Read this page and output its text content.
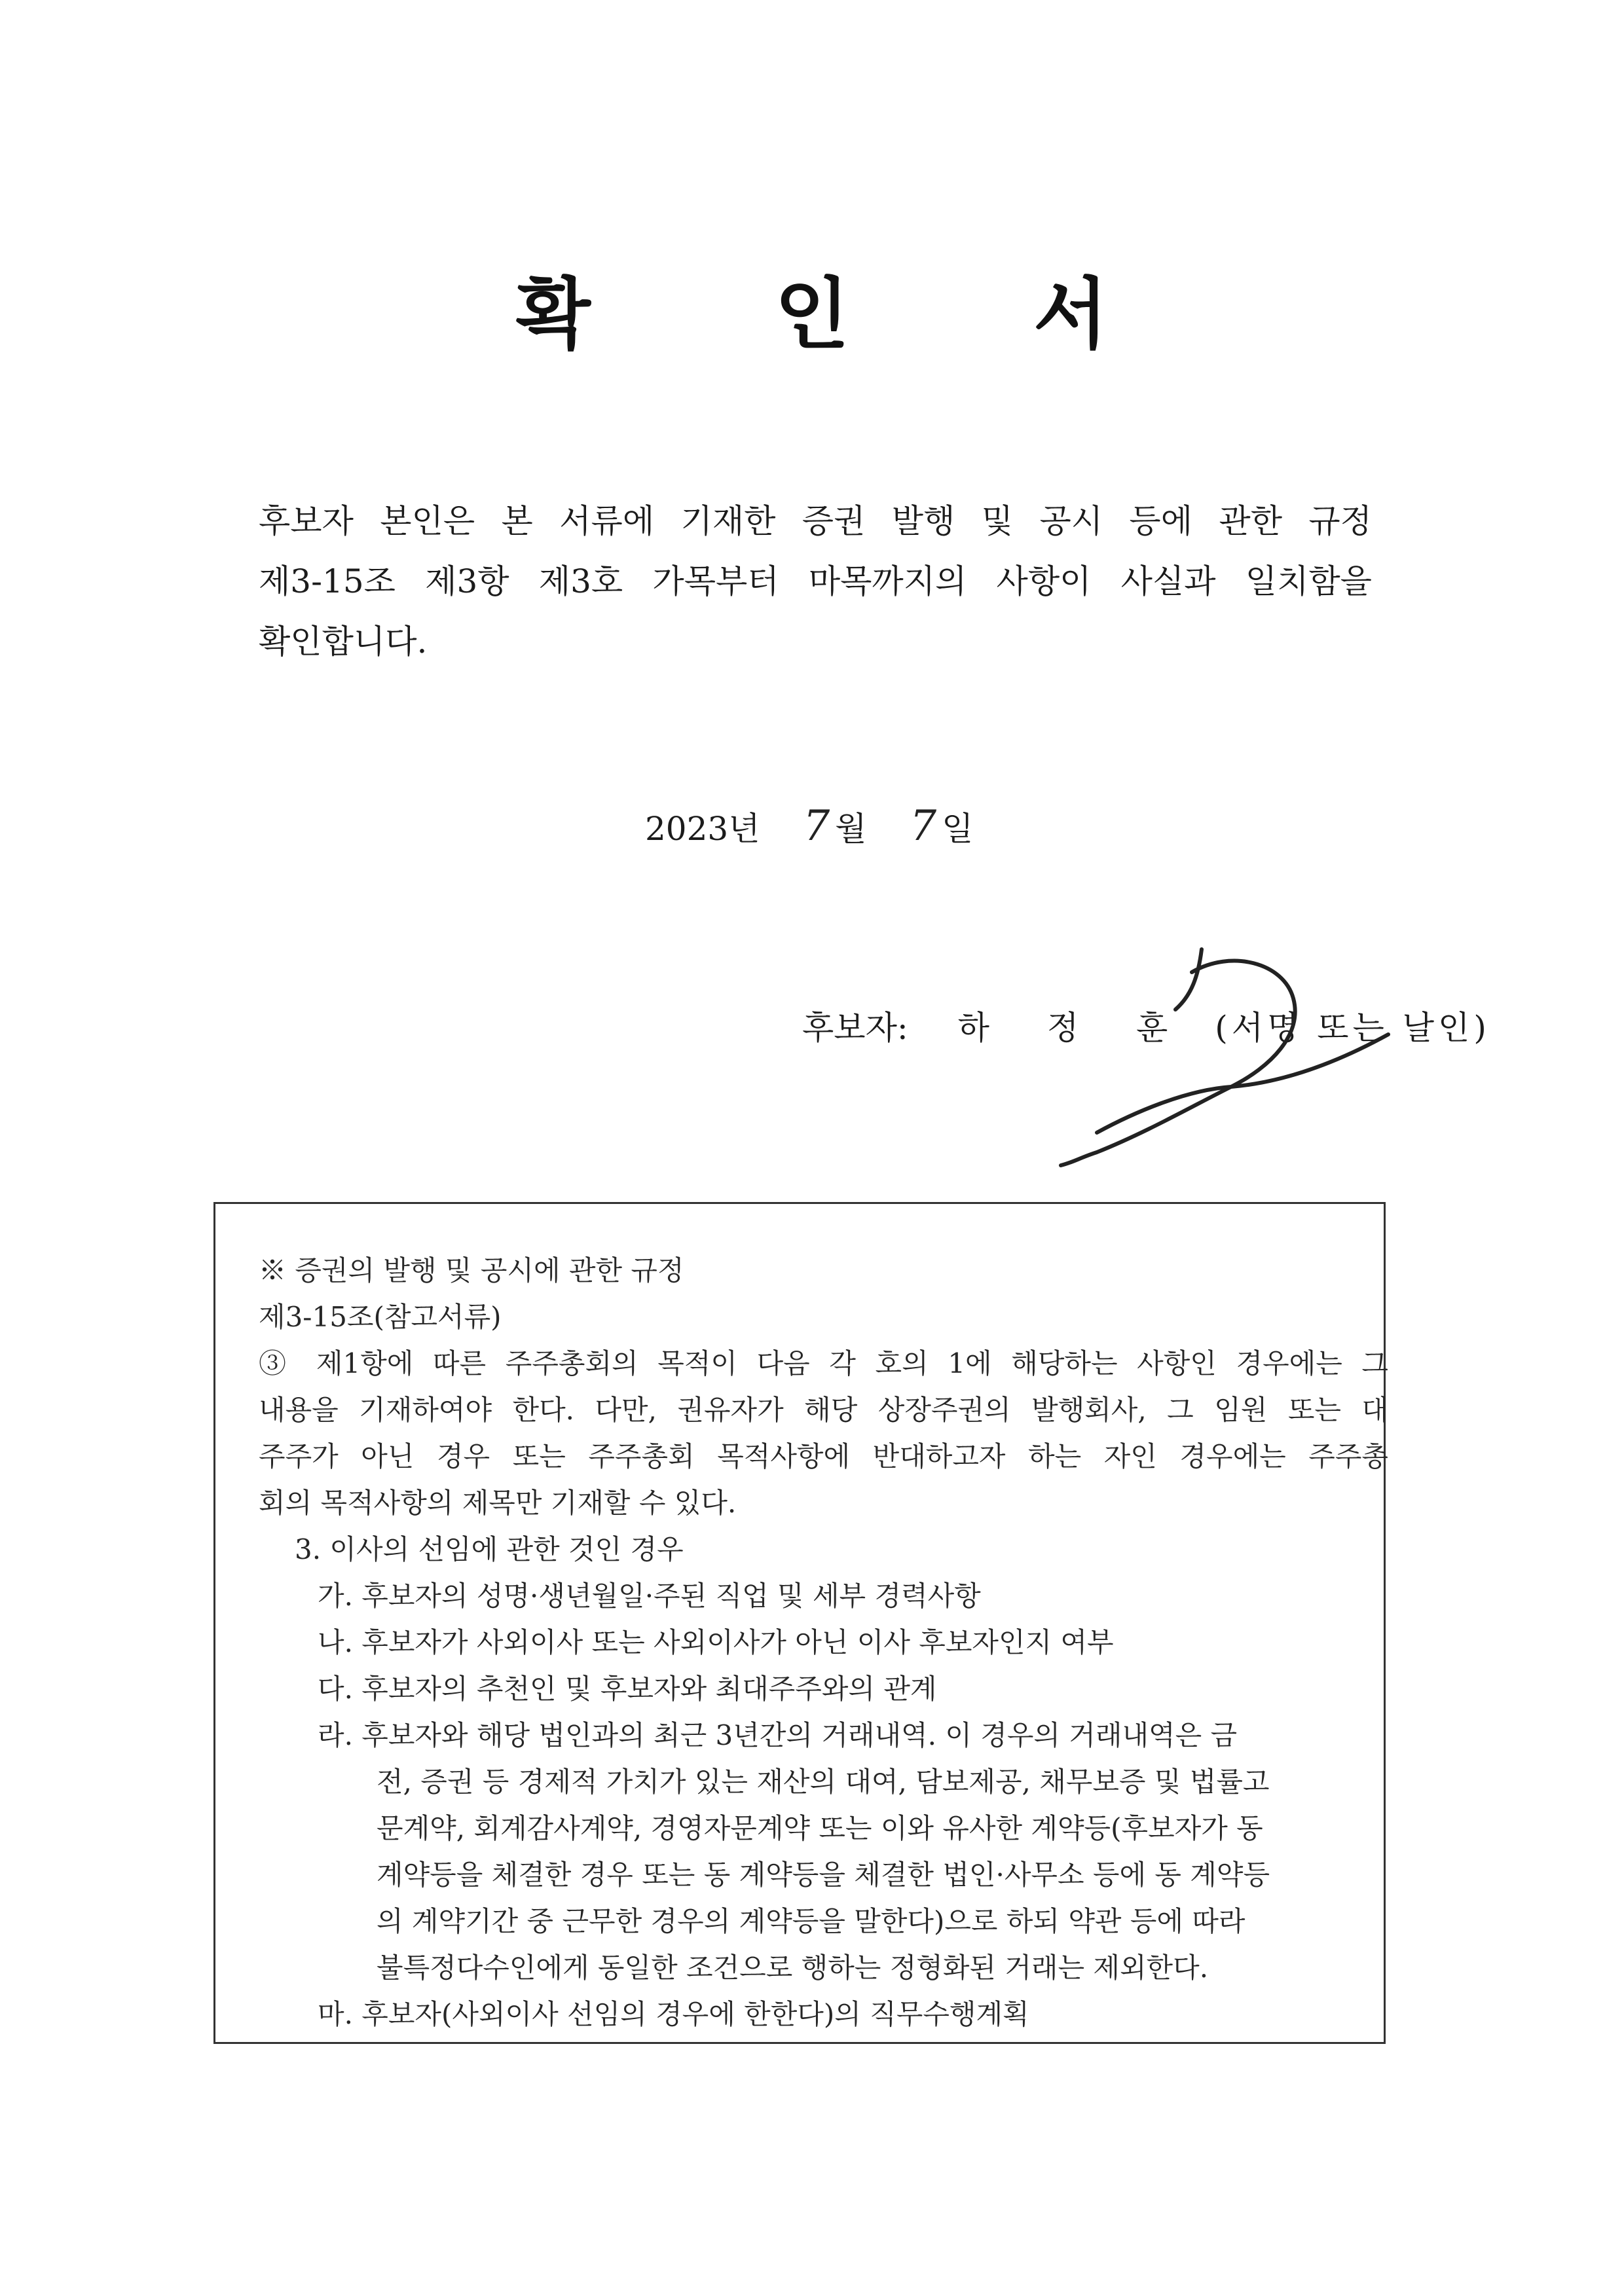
확 인 서
후보자 본인은 본 서류에 기재한 증권 발행 및 공시 등에 관한 규정
제3-15조 제3항 제3호 가목부터 마목까지의 사항이 사실과 일치함을
확인합니다.
2023년 7 월 7 일
후보자: 하 정 훈 (서명 또는 날인)
※ 증권의 발행 및 공시에 관한 규정
제3-15조(참고서류)
③ 제1항에 따른 주주총회의 목적이 다음 각 호의 1에 해당하는 사항인 경우에는 그
내용을 기재하여야 한다. 다만, 권유자가 해당 상장주권의 발행회사, 그 임원 또는 대
주주가 아닌 경우 또는 주주총회 목적사항에 반대하고자 하는 자인 경우에는 주주총
회의 목적사항의 제목만 기재할 수 있다.
3. 이사의 선임에 관한 것인 경우
가. 후보자의 성명·생년월일·주된 직업 및 세부 경력사항
나. 후보자가 사외이사 또는 사외이사가 아닌 이사 후보자인지 여부
다. 후보자의 추천인 및 후보자와 최대주주와의 관계
라. 후보자와 해당 법인과의 최근 3년간의 거래내역. 이 경우의 거래내역은 금
전, 증권 등 경제적 가치가 있는 재산의 대여, 담보제공, 채무보증 및 법률고
문계약, 회계감사계약, 경영자문계약 또는 이와 유사한 계약등(후보자가 동
계약등을 체결한 경우 또는 동 계약등을 체결한 법인·사무소 등에 동 계약등
의 계약기간 중 근무한 경우의 계약등을 말한다)으로 하되 약관 등에 따라
불특정다수인에게 동일한 조건으로 행하는 정형화된 거래는 제외한다.
마. 후보자(사외이사 선임의 경우에 한한다)의 직무수행계획
